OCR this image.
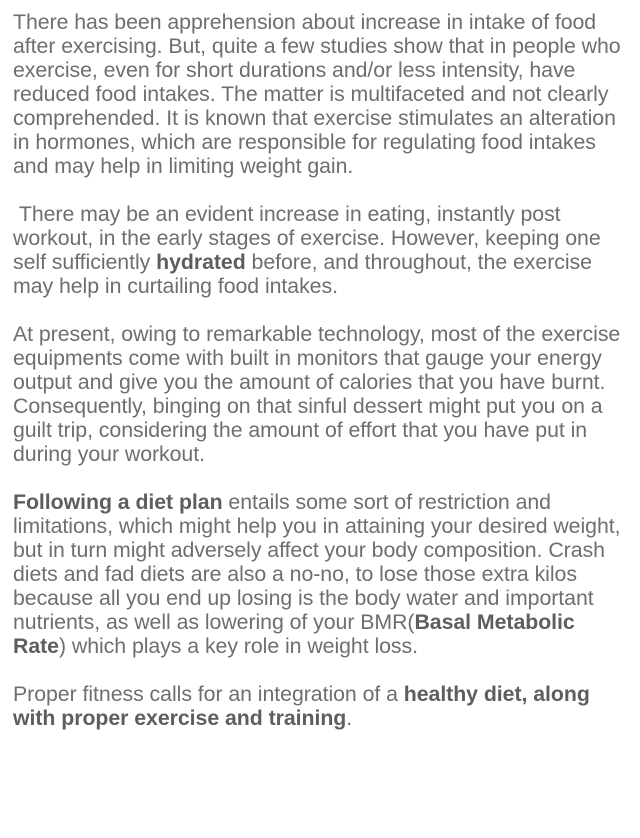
There has been apprehension about increase in intake of food after exercising. But, quite a few studies show that in people who exercise, even for short durations and/or less intensity, have reduced food intakes. The matter is multifaceted and not clearly comprehended. It is known that exercise stimulates an alteration in hormones, which are responsible for regulating food intakes and may help in limiting weight gain.

There may be an evident increase in eating, instantly post workout, in the early stages of exercise. However, keeping one self sufficiently hydrated before, and throughout, the exercise may help in curtailing food intakes.

At present, owing to remarkable technology, most of the exercise equipments come with built in monitors that gauge your energy output and give you the amount of calories that you have burnt. Consequently, binging on that sinful dessert might put you on a guilt trip, considering the amount of effort that you have put in during your workout.

Following a diet plan entails some sort of restriction and limitations, which might help you in attaining your desired weight, but in turn might adversely affect your body composition. Crash diets and fad diets are also a no-no, to lose those extra kilos because all you end up losing is the body water and important nutrients, as well as lowering of your BMR(Basal Metabolic Rate) which plays a key role in weight loss.

Proper fitness calls for an integration of a healthy diet, along with proper exercise and training.
